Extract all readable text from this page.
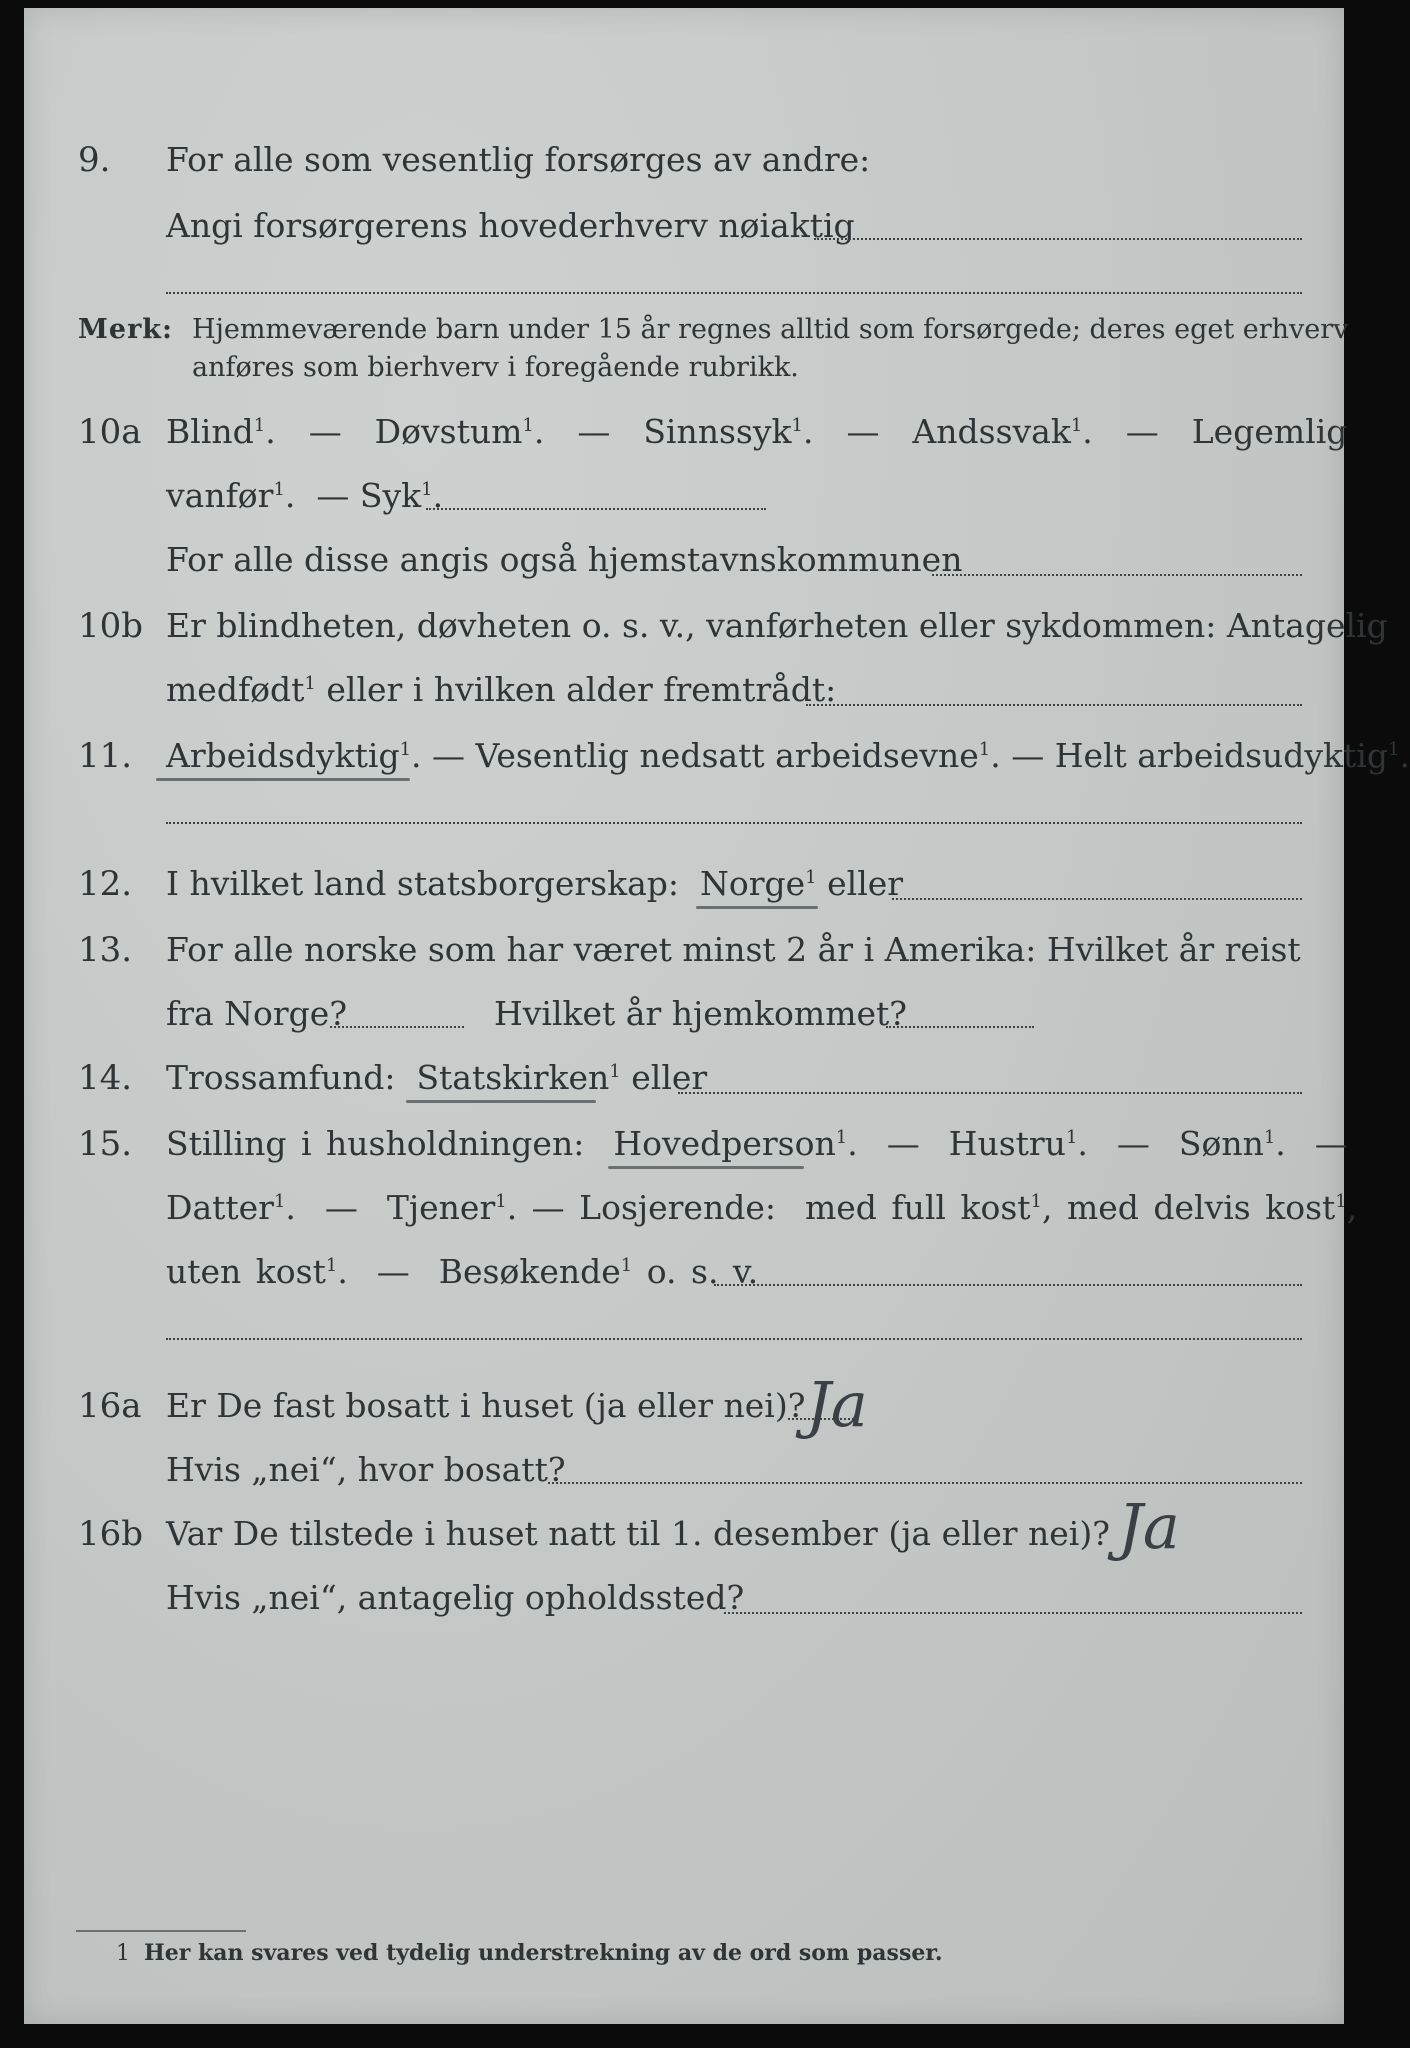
9. For alle som vesentlig forsørges av andre:
Angi forsørgerens hovederhverv nøiaktig
Merk: Hjemmeværende barn under 15 år regnes alltid som forsørgede; deres eget erhverv
anføres som bierhverv i foregående rubrikk.
10a Blind$^1$.  — Døvstum$^1$.  — Sinnssyk$^1$.  — Andssvak$^1$.  — Legemlig
vanfør$^1$.  — Syk$^1$.
For alle disse angis også hjemstavnskommunen
10b Er blindheten, døvheten o. s. v., vanførheten eller sykdommen: Antagelig
medfødt$^1$ eller i hvilken alder fremtrådt:
11. Arbeidsdyktig$^1$. — Vesentlig nedsatt arbeidsevne$^1$. — Helt arbeidsudyktig$^1$.
12. I hvilket land statsborgerskap: Norge$^1$ eller
13. For alle norske som har været minst 2 år i Amerika: Hvilket år reist
fra Norge?	Hvilket år hjemkommet?
14. Trossamfund: Statskirken$^1$ eller
15. Stilling i husholdningen: Hovedperson$^1$.  — Hustru$^1$.  — Sønn$^1$.  —
Datter$^1$.  — Tjener$^1$. — Losjerende: med full kost$^1$, med delvis kost$^1$,
uten kost$^1$.  — Besøkende$^1$ o. s. v.
16a Er De fast bosatt i huset (ja eller nei)? Ja
Hvis „nei“, hvor bosatt?
16b Var De tilstede i huset natt til 1. desember (ja eller nei)? Ja
Hvis „nei“, antagelig opholdssted?
1 Her kan svares ved tydelig understrekning av de ord som passer.
